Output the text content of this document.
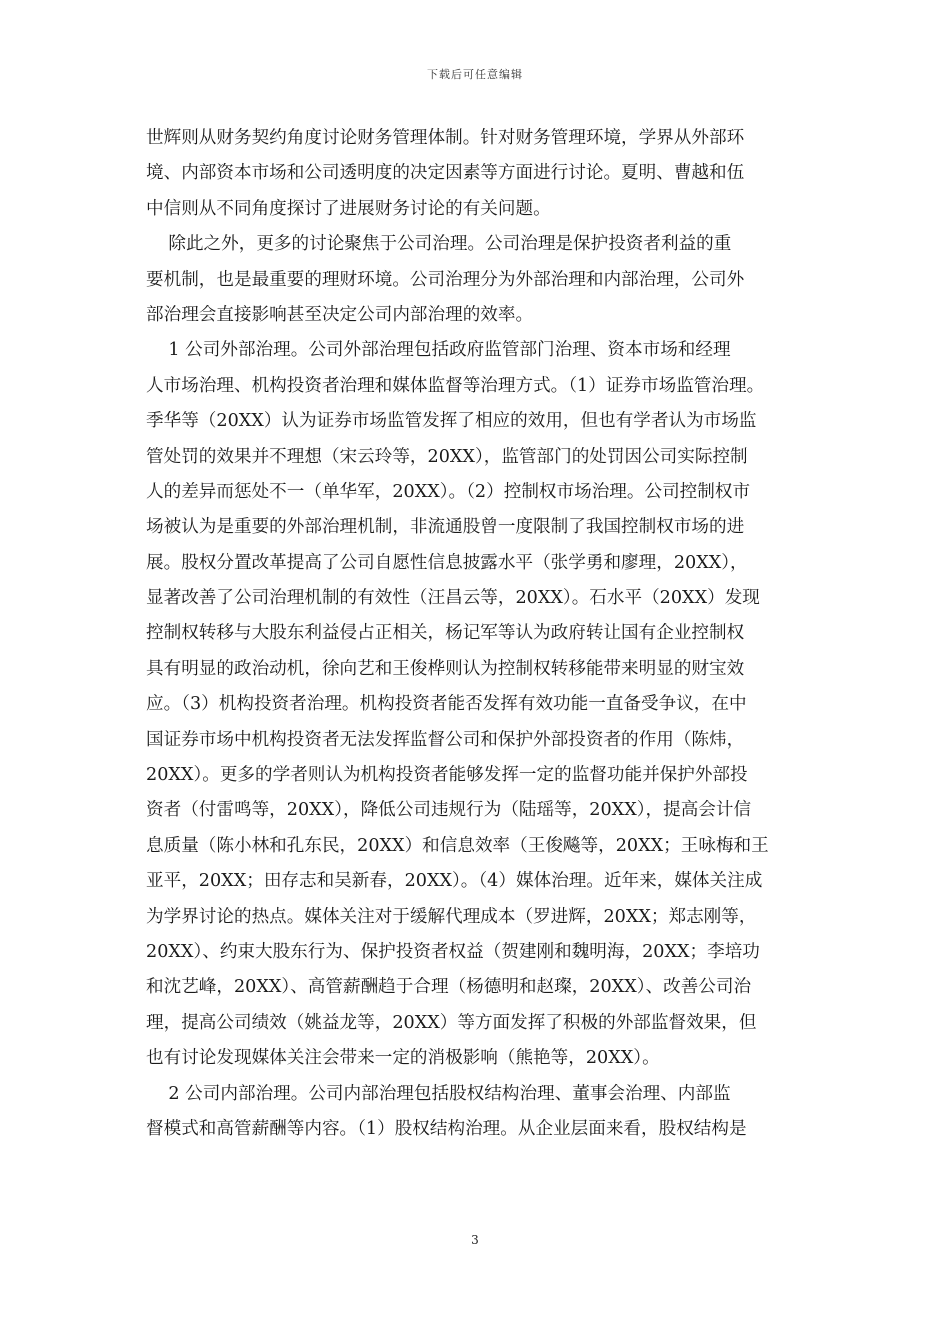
下载后可任意编辑
世辉则从财务契约角度讨论财务管理体制。针对财务管理环境，学界从外部环
境、内部资本市场和公司透明度的决定因素等方面进行讨论。夏明、曹越和伍
中信则从不同角度探讨了进展财务讨论的有关问题。
除此之外，更多的讨论聚焦于公司治理。公司治理是保护投资者利益的重
要机制，也是最重要的理财环境。公司治理分为外部治理和内部治理，公司外
部治理会直接影响甚至决定公司内部治理的效率。
1 公司外部治理。公司外部治理包括政府监管部门治理、资本市场和经理
人市场治理、机构投资者治理和媒体监督等治理方式。（1）证券市场监管治理。
季华等（20XX）认为证券市场监管发挥了相应的效用，但也有学者认为市场监
管处罚的效果并不理想（宋云玲等，20XX），监管部门的处罚因公司实际控制
人的差异而惩处不一（单华军，20XX）。（2）控制权市场治理。公司控制权市
场被认为是重要的外部治理机制，非流通股曾一度限制了我国控制权市场的进
展。股权分置改革提高了公司自愿性信息披露水平（张学勇和廖理，20XX），
显著改善了公司治理机制的有效性（汪昌云等，20XX）。石水平（20XX）发现
控制权转移与大股东利益侵占正相关，杨记军等认为政府转让国有企业控制权
具有明显的政治动机，徐向艺和王俊桦则认为控制权转移能带来明显的财宝效
应。（3）机构投资者治理。机构投资者能否发挥有效功能一直备受争议，在中
国证券市场中机构投资者无法发挥监督公司和保护外部投资者的作用（陈炜，
20XX）。更多的学者则认为机构投资者能够发挥一定的监督功能并保护外部投
资者（付雷鸣等，20XX），降低公司违规行为（陆瑶等，20XX），提高会计信
息质量（陈小林和孔东民，20XX）和信息效率（王俊飚等，20XX；王咏梅和王
亚平，20XX；田存志和吴新春，20XX）。（4）媒体治理。近年来，媒体关注成
为学界讨论的热点。媒体关注对于缓解代理成本（罗进辉，20XX；郑志刚等，
20XX）、约束大股东行为、保护投资者权益（贺建刚和魏明海，20XX；李培功
和沈艺峰，20XX）、高管薪酬趋于合理（杨德明和赵璨，20XX）、改善公司治
理，提高公司绩效（姚益龙等，20XX）等方面发挥了积极的外部监督效果，但
也有讨论发现媒体关注会带来一定的消极影响（熊艳等，20XX）。
2 公司内部治理。公司内部治理包括股权结构治理、董事会治理、内部监
督模式和高管薪酬等内容。（1）股权结构治理。从企业层面来看，股权结构是
3
